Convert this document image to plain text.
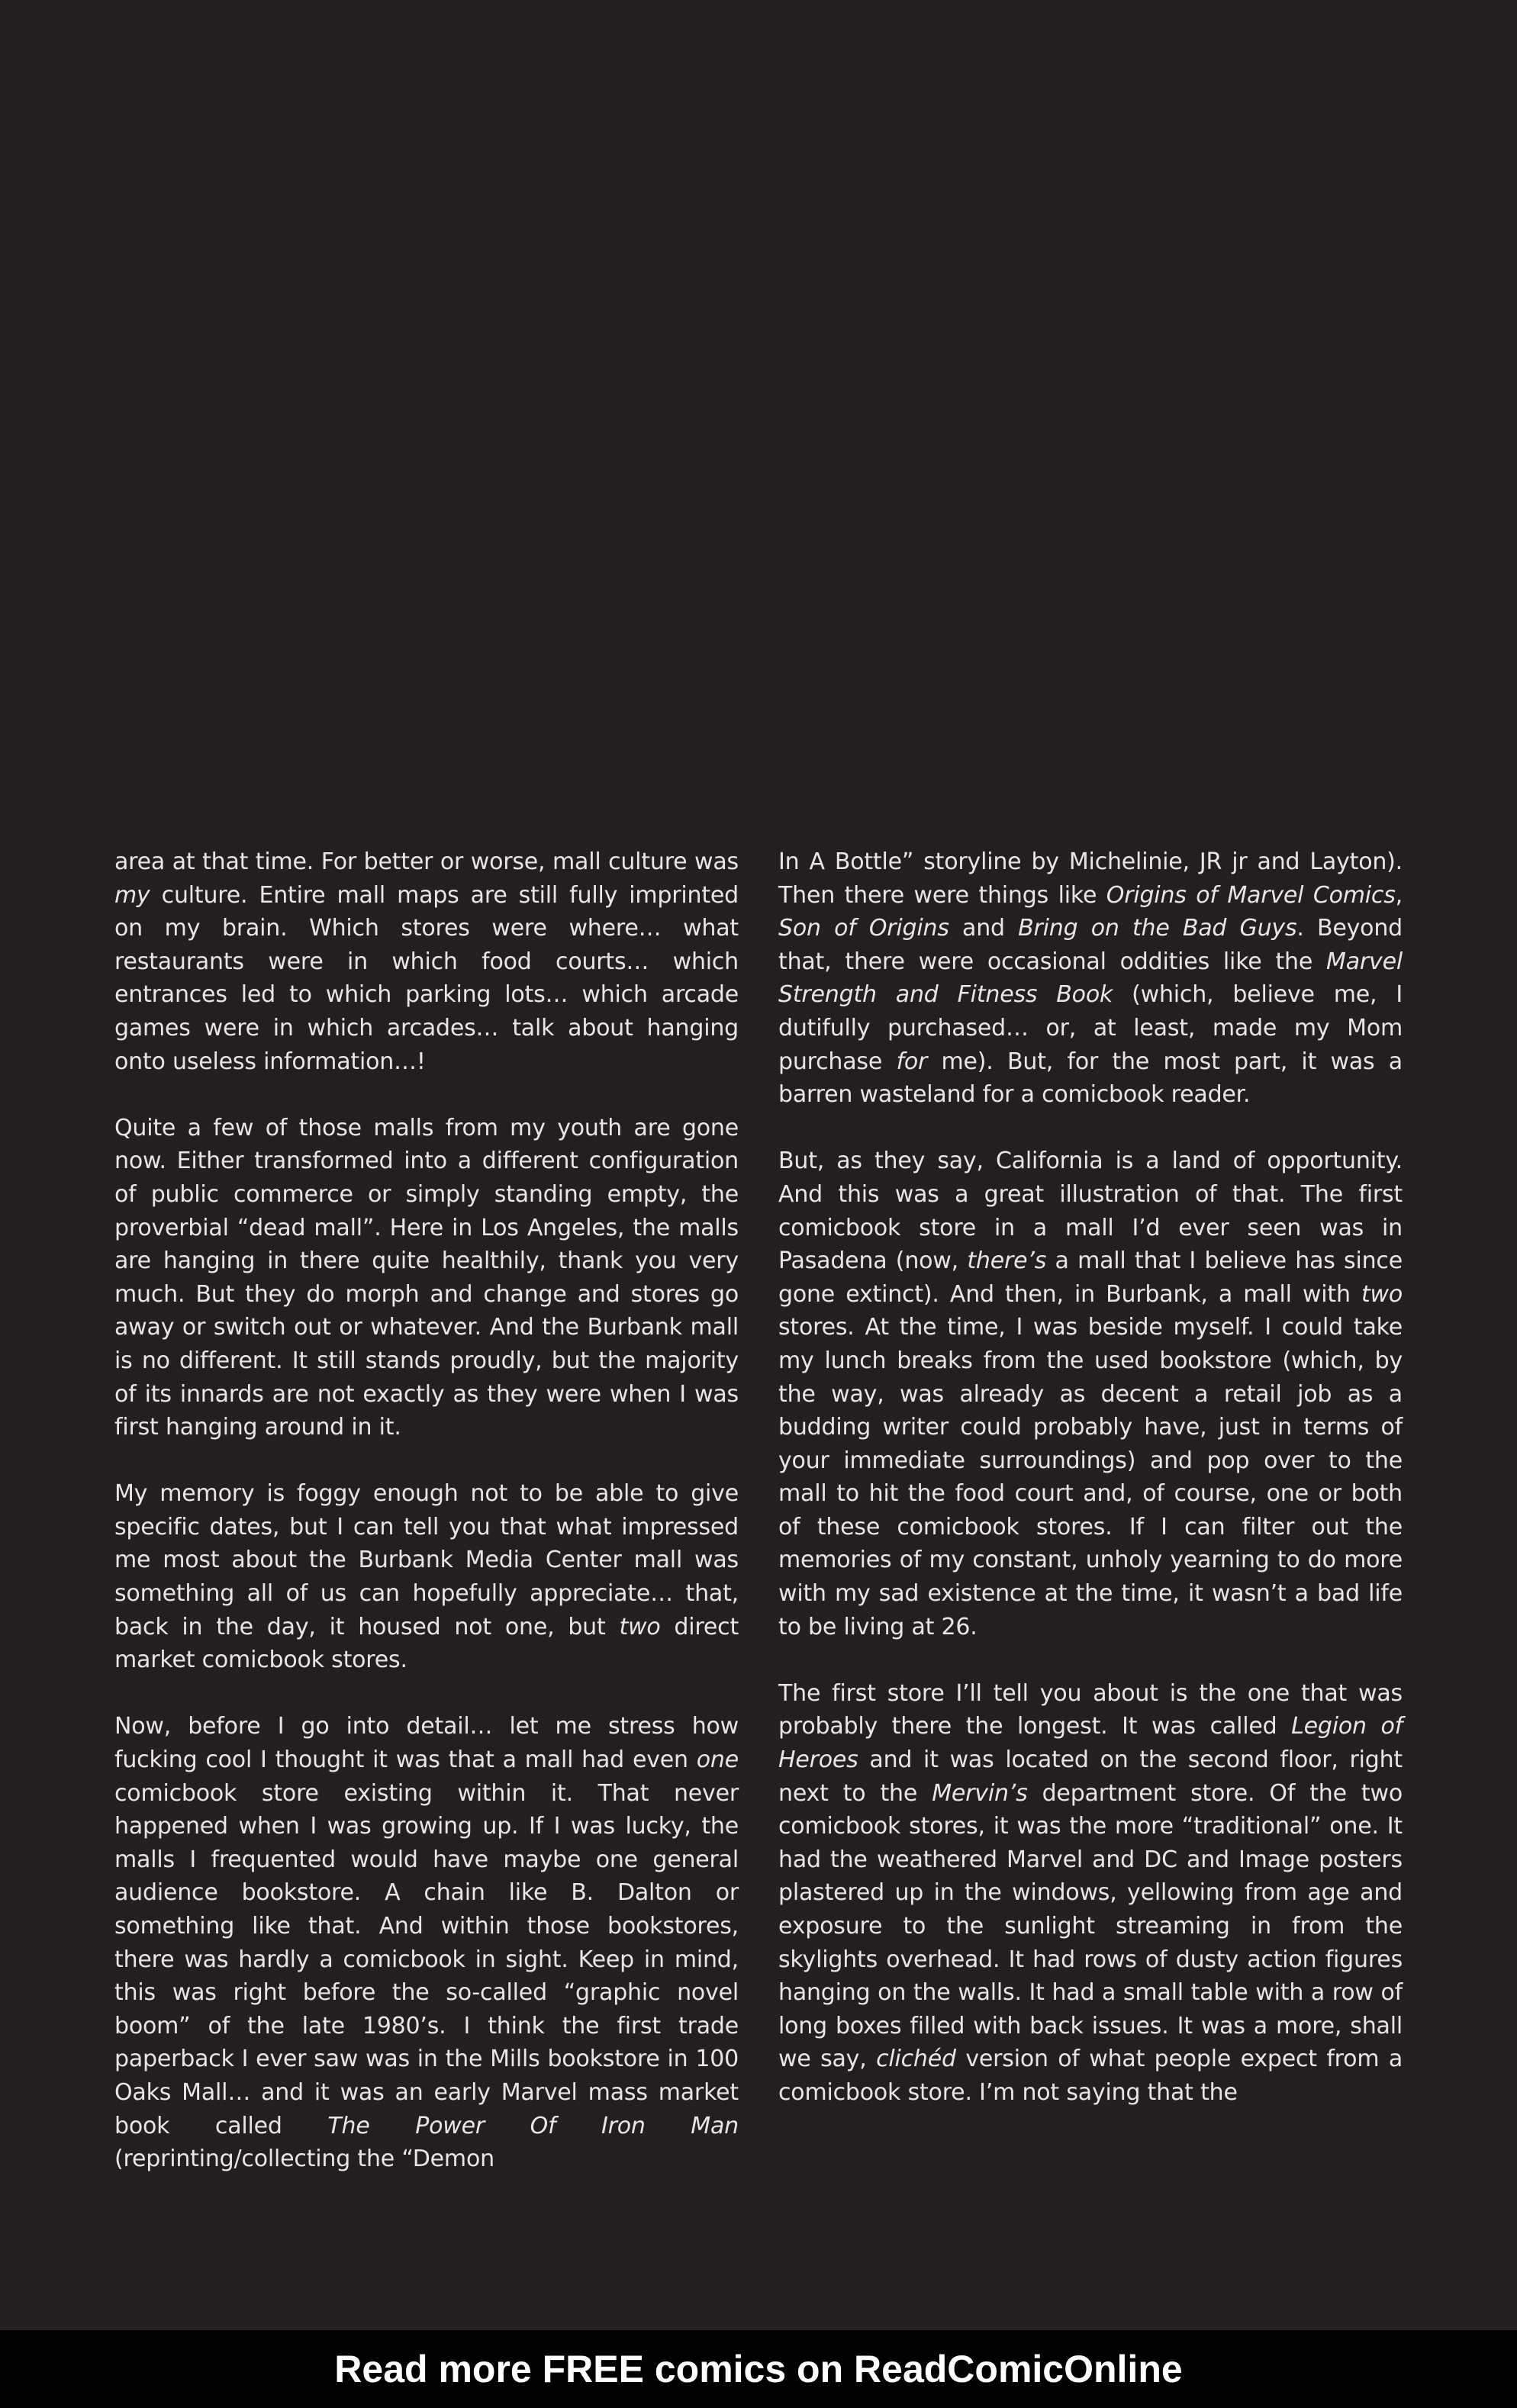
area at that time. For better or worse, mall culture was my culture. Entire mall maps are still fully imprinted on my brain. Which stores were where… what restaurants were in which food courts… which entrances led to which parking lots… which arcade games were in which arcades… talk about hanging onto useless information…!

Quite a few of those malls from my youth are gone now. Either transformed into a different configuration of public commerce or simply standing empty, the proverbial “dead mall”. Here in Los Angeles, the malls are hanging in there quite healthily, thank you very much. But they do morph and change and stores go away or switch out or whatever. And the Burbank mall is no different. It still stands proudly, but the majority of its innards are not exactly as they were when I was first hanging around in it.

My memory is foggy enough not to be able to give specific dates, but I can tell you that what impressed me most about the Burbank Media Center mall was something all of us can hopefully appreciate… that, back in the day, it housed not one, but two direct market comicbook stores.

Now, before I go into detail… let me stress how fucking cool I thought it was that a mall had even one comicbook store existing within it. That never happened when I was growing up. If I was lucky, the malls I frequented would have maybe one general audience bookstore. A chain like B. Dalton or something like that. And within those bookstores, there was hardly a comicbook in sight. Keep in mind, this was right before the so-called “graphic novel boom” of the late 1980’s. I think the first trade paperback I ever saw was in the Mills bookstore in 100 Oaks Mall… and it was an early Marvel mass market book called The Power Of Iron Man (reprinting/collecting the “Demon

In A Bottle” storyline by Michelinie, JR jr and Layton). Then there were things like Origins of Marvel Comics, Son of Origins and Bring on the Bad Guys. Beyond that, there were occasional oddities like the Marvel Strength and Fitness Book (which, believe me, I dutifully purchased… or, at least, made my Mom purchase for me). But, for the most part, it was a barren wasteland for a comicbook reader.

But, as they say, California is a land of opportunity. And this was a great illustration of that. The first comicbook store in a mall I’d ever seen was in Pasadena (now, there’s a mall that I believe has since gone extinct). And then, in Burbank, a mall with two stores. At the time, I was beside myself. I could take my lunch breaks from the used bookstore (which, by the way, was already as decent a retail job as a budding writer could probably have, just in terms of your immediate surroundings) and pop over to the mall to hit the food court and, of course, one or both of these comicbook stores. If I can filter out the memories of my constant, unholy yearning to do more with my sad existence at the time, it wasn’t a bad life to be living at 26.

The first store I’ll tell you about is the one that was probably there the longest. It was called Legion of Heroes and it was located on the second floor, right next to the Mervin’s department store. Of the two comicbook stores, it was the more “traditional” one. It had the weathered Marvel and DC and Image posters plastered up in the windows, yellowing from age and exposure to the sunlight streaming in from the skylights overhead. It had rows of dusty action figures hanging on the walls. It had a small table with a row of long boxes filled with back issues. It was a more, shall we say, clichéd version of what people expect from a comicbook store. I’m not saying that the

Read more FREE comics on ReadComicOnline
